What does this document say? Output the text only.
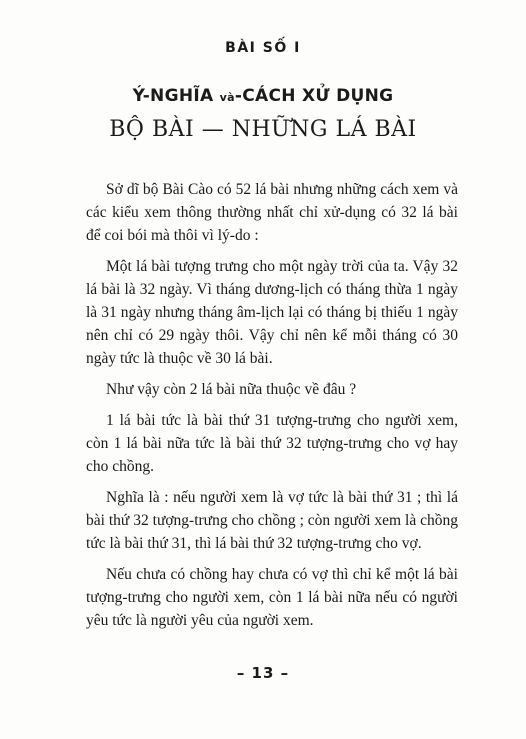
BÀI SỐ I
Ý-NGHĨA và-CÁCH XỬ DỤNG
BỘ BÀI — NHỮNG LÁ BÀI

Sở dĩ bộ Bài Cào có 52 lá bài nhưng những cách xem và các kiểu xem thông thường nhất chỉ xử-dụng có 32 lá bài để coi bói mà thôi vì lý-do :

Một lá bài tượng trưng cho một ngày trời của ta. Vậy 32 lá bài là 32 ngày. Vì tháng dương-lịch có tháng thừa 1 ngày là 31 ngày nhưng tháng âm-lịch lại có tháng bị thiếu 1 ngày nên chỉ có 29 ngày thôi. Vậy chỉ nên kể mỗi tháng có 30 ngày tức là thuộc về 30 lá bài.

Như vậy còn 2 lá bài nữa thuộc về đâu ?

1 lá bài tức là bài thứ 31 tượng-trưng cho người xem, còn 1 lá bài nữa tức là bài thứ 32 tượng-trưng cho vợ hay cho chồng.

Nghĩa là : nếu người xem là vợ tức là bài thứ 31 ; thì lá bài thứ 32 tượng-trưng cho chồng ; còn người xem là chồng tức là bài thứ 31, thì lá bài thứ 32 tượng-trưng cho vợ.

Nếu chưa có chồng hay chưa có vợ thì chỉ kể một lá bài tượng-trưng cho người xem, còn 1 lá bài nữa nếu có người yêu tức là người yêu của người xem.

– 13 –
